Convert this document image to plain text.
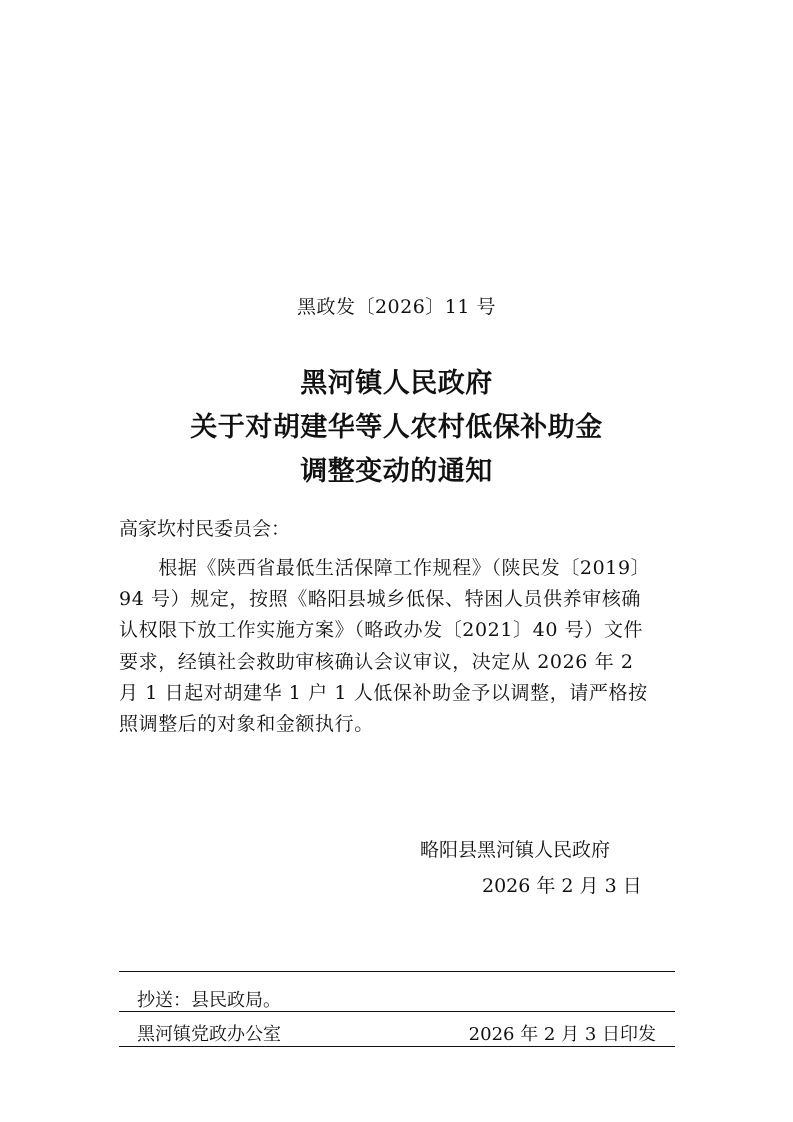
黑政发〔2026〕11 号
黑河镇人民政府
关于对胡建华等人农村低保补助金
调整变动的通知
高家坎村民委员会：
　　根据《陕西省最低生活保障工作规程》（陕民发〔2019〕
94 号）规定，按照《略阳县城乡低保、特困人员供养审核确
认权限下放工作实施方案》（略政办发〔2021〕40 号）文件
要求，经镇社会救助审核确认会议审议，决定从 2026 年 2
月 1 日起对胡建华 1 户 1 人低保补助金予以调整，请严格按
照调整后的对象和金额执行。
略阳县黑河镇人民政府
2026 年 2 月 3 日
抄送：县民政局。
黑河镇党政办公室	2026 年 2 月 3 日印发
